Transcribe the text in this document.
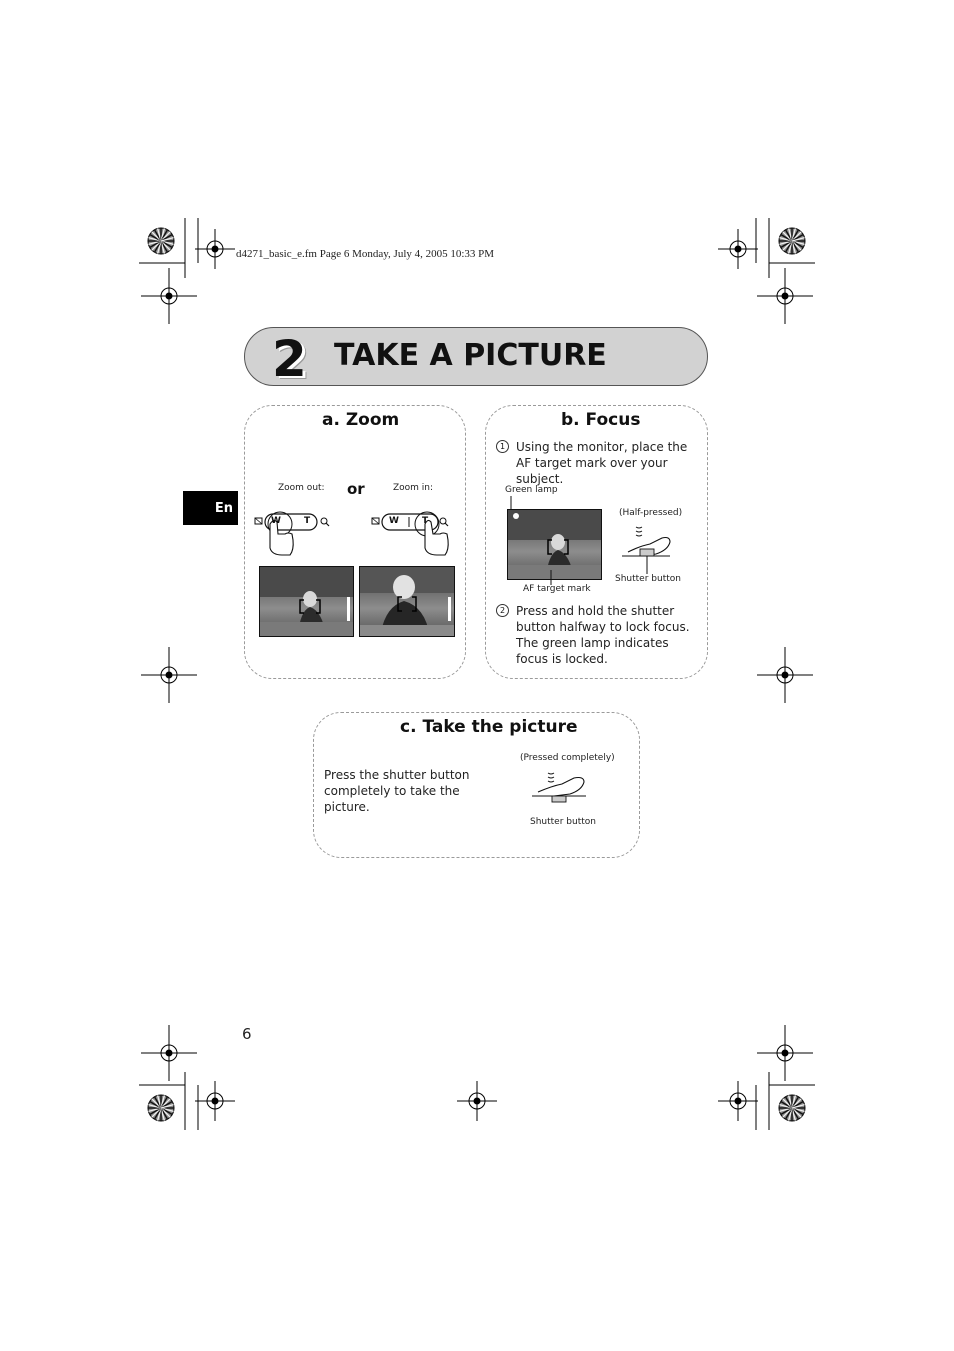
d4271_basic_e.fm Page 6 Monday, July 4, 2005 10:33 PM
2 TAKE A PICTURE
En
a. Zoom
Zoom out: or	Zoom in:
W	T	W	T
b. Focus
1 Using the monitor, place the AF target mark over your subject.
Green lamp
AF target mark
(Half-pressed)
Shutter button
2 Press and hold the shutter button halfway to lock focus. The green lamp indicates focus is locked.
c. Take the picture
Press the shutter button completely to take the picture.
(Pressed completely)
Shutter button
6
